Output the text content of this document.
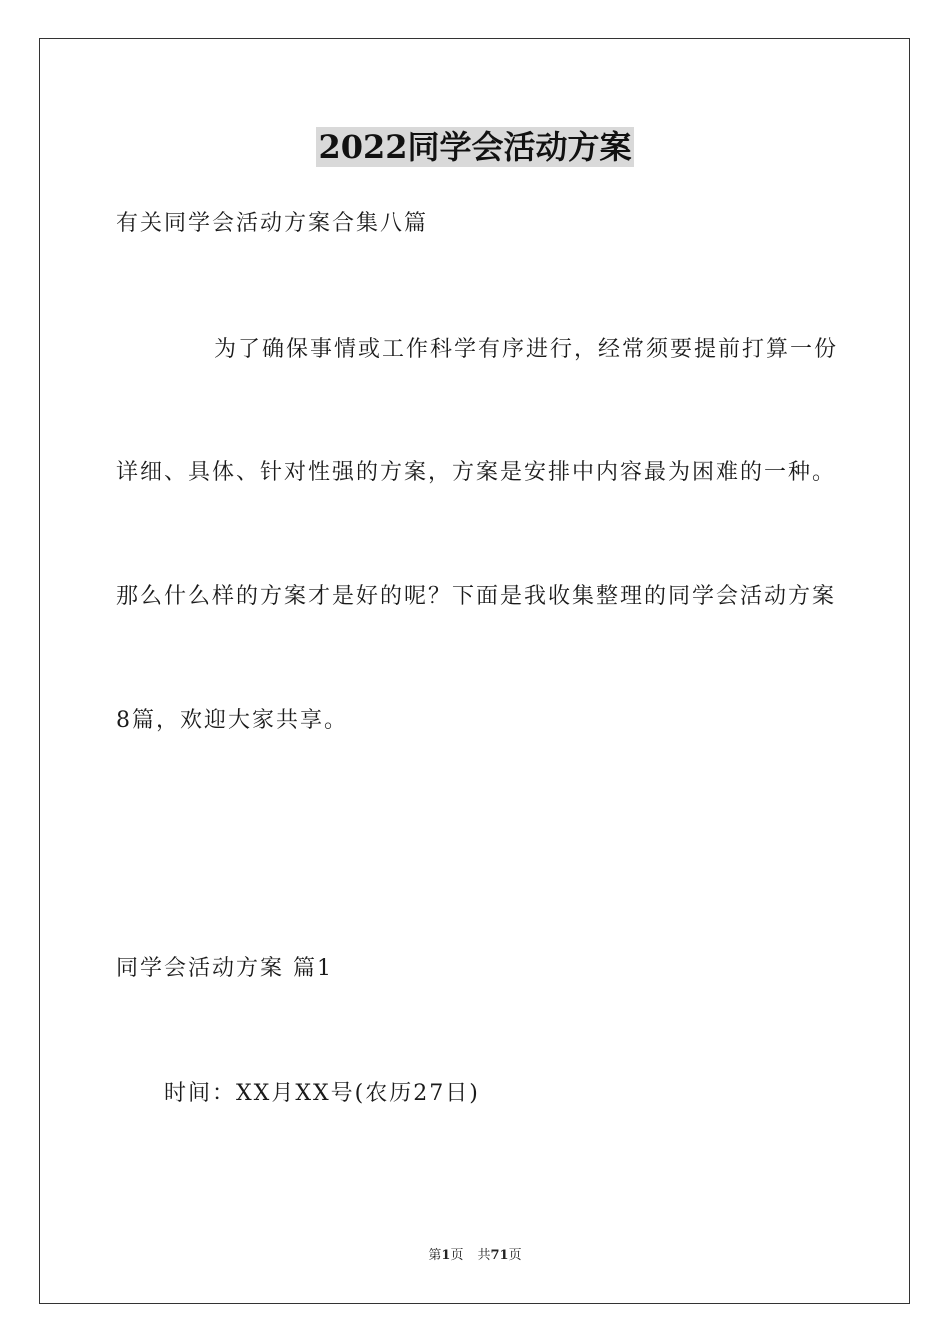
2022同学会活动方案
有关同学会活动方案合集八篇
为了确保事情或工作科学有序进行，经常须要提前打算一份
详细、具体、针对性强的方案，方案是安排中内容最为困难的一种。
那么什么样的方案才是好的呢？下面是我收集整理的同学会活动方案
8篇，欢迎大家共享。
同学会活动方案 篇1
时间：XX月XX号(农历27日)
第1页 共71页
